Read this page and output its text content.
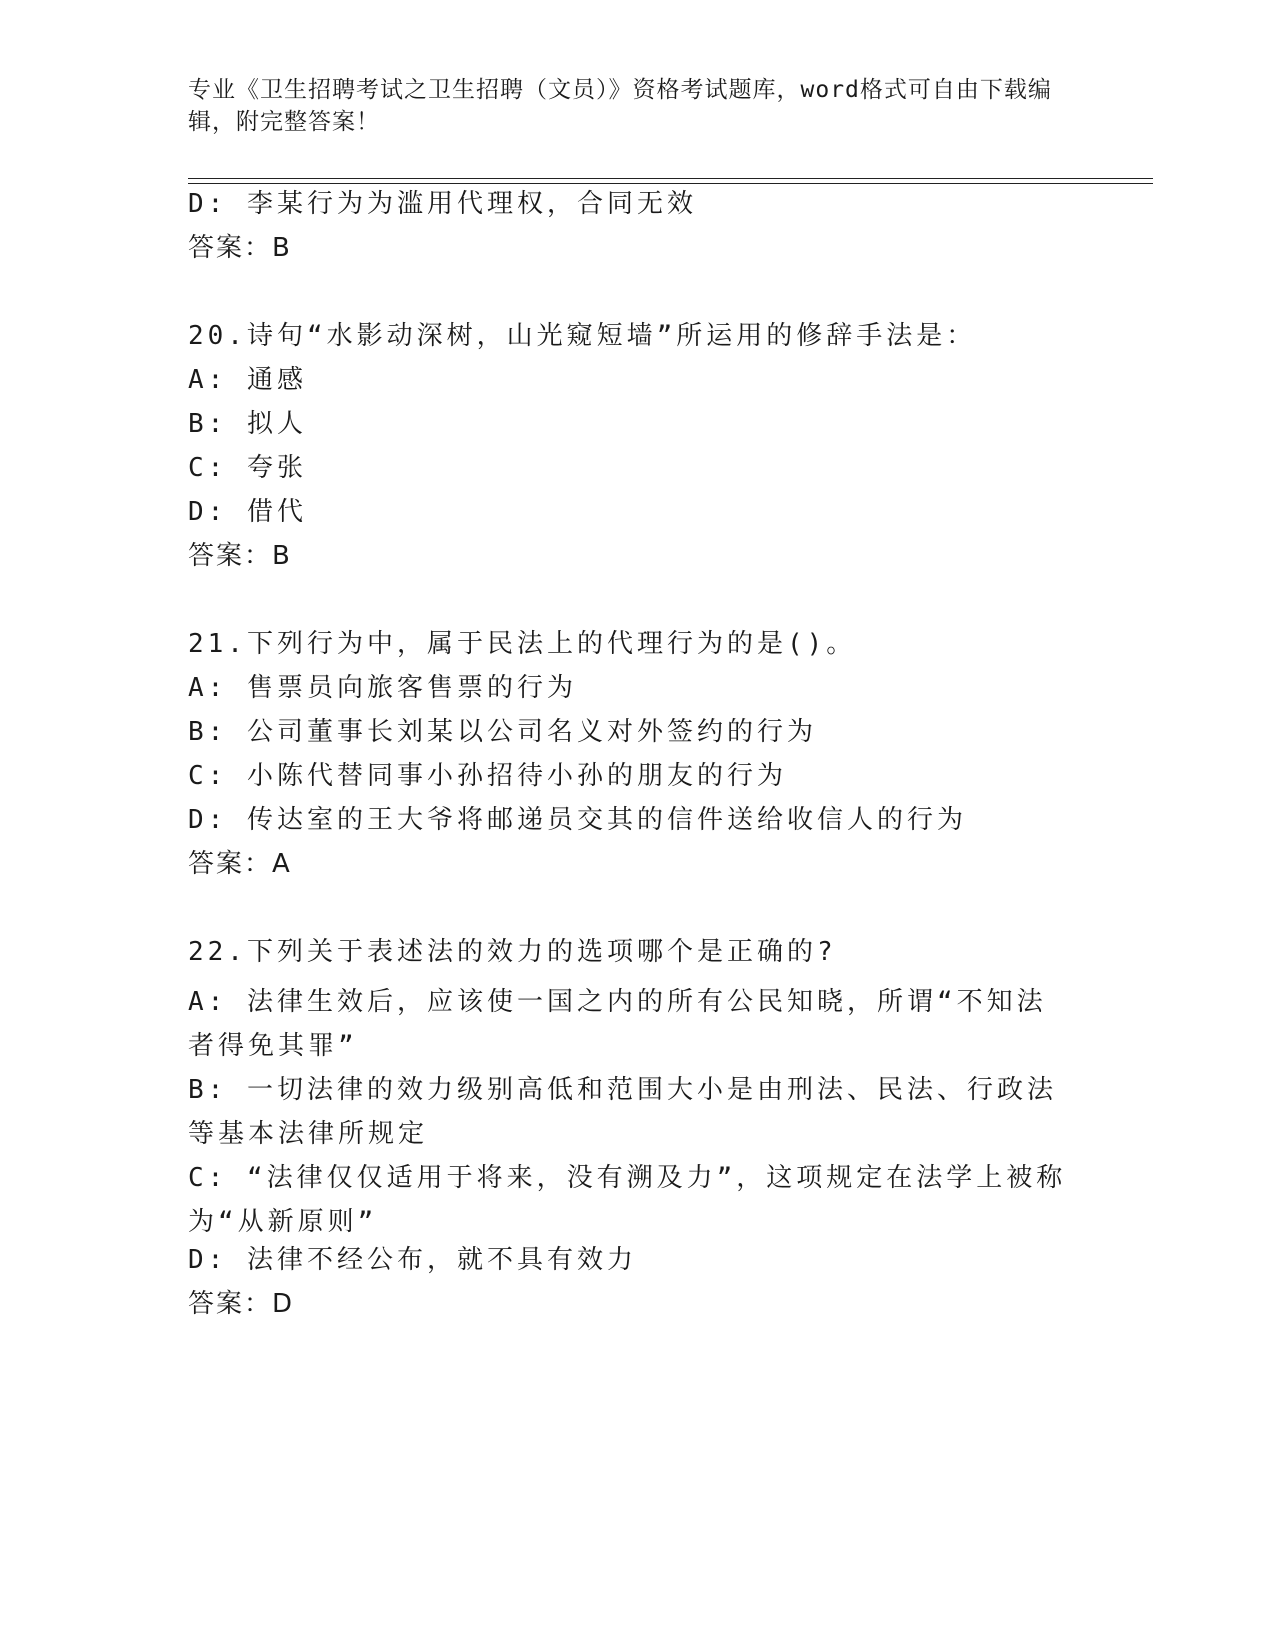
专业《卫生招聘考试之卫生招聘（文员）》资格考试题库，word格式可自由下载编辑，附完整答案！
D: 李某行为为滥用代理权，合同无效
答案：B
20.诗句“水影动深树，山光窥短墙”所运用的修辞手法是：
A: 通感
B: 拟人
C: 夸张
D: 借代
答案：B
21.下列行为中，属于民法上的代理行为的是()。
A: 售票员向旅客售票的行为
B: 公司董事长刘某以公司名义对外签约的行为
C: 小陈代替同事小孙招待小孙的朋友的行为
D: 传达室的王大爷将邮递员交其的信件送给收信人的行为
答案：A
22.下列关于表述法的效力的选项哪个是正确的?
A: 法律生效后，应该使一国之内的所有公民知晓，所谓“不知法者得免其罪”
B: 一切法律的效力级别高低和范围大小是由刑法、民法、行政法等基本法律所规定
C: “法律仅仅适用于将来，没有溯及力”，这项规定在法学上被称为“从新原则”
D: 法律不经公布，就不具有效力
答案：D
